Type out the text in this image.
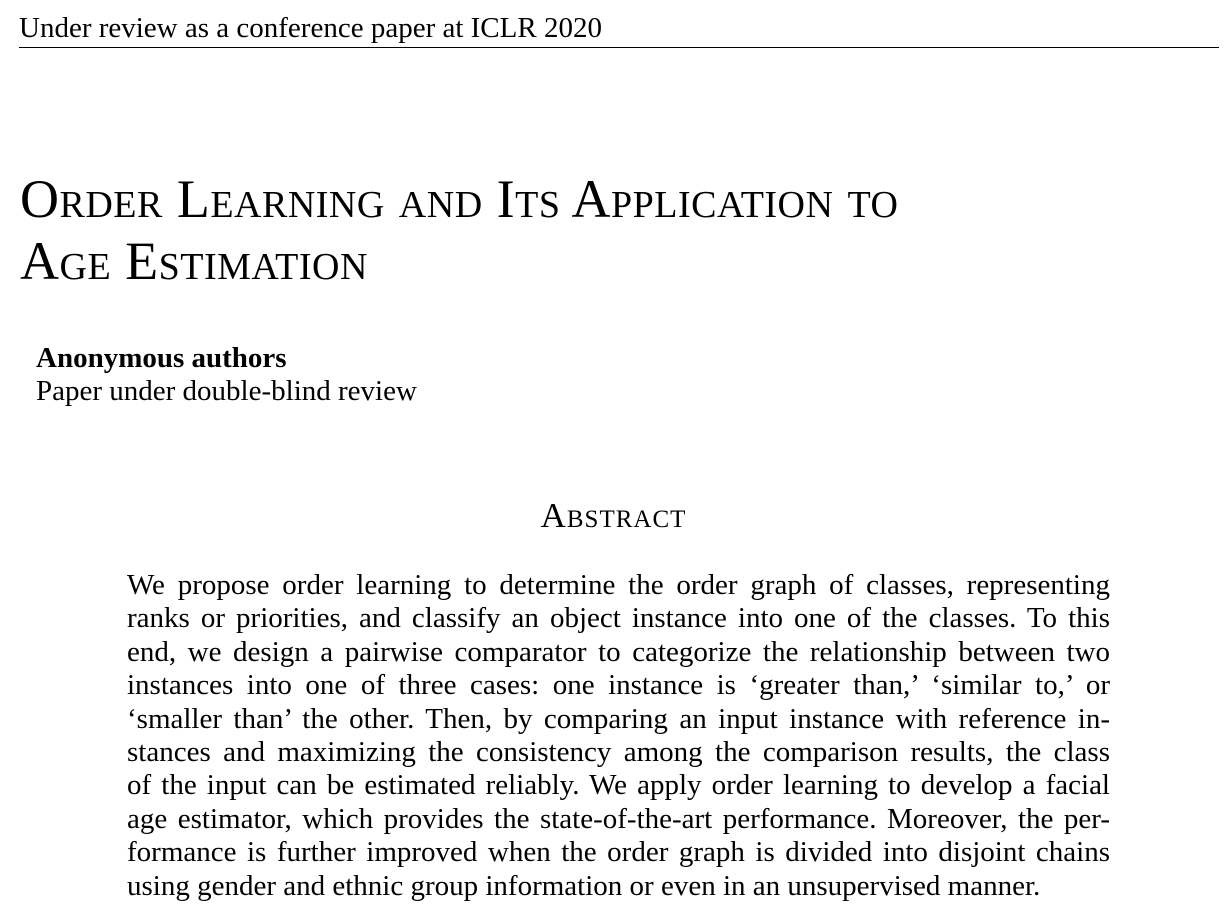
Under review as a conference paper at ICLR 2020
Order Learning and Its Application to
Age Estimation
Anonymous authors
Paper under double-blind review
Abstract
We propose order learning to determine the order graph of classes, representing
ranks or priorities, and classify an object instance into one of the classes. To this
end, we design a pairwise comparator to categorize the relationship between two
instances into one of three cases: one instance is ‘greater than,’ ‘similar to,’ or
‘smaller than’ the other. Then, by comparing an input instance with reference in-
stances and maximizing the consistency among the comparison results, the class
of the input can be estimated reliably. We apply order learning to develop a facial
age estimator, which provides the state-of-the-art performance. Moreover, the per-
formance is further improved when the order graph is divided into disjoint chains
using gender and ethnic group information or even in an unsupervised manner.
